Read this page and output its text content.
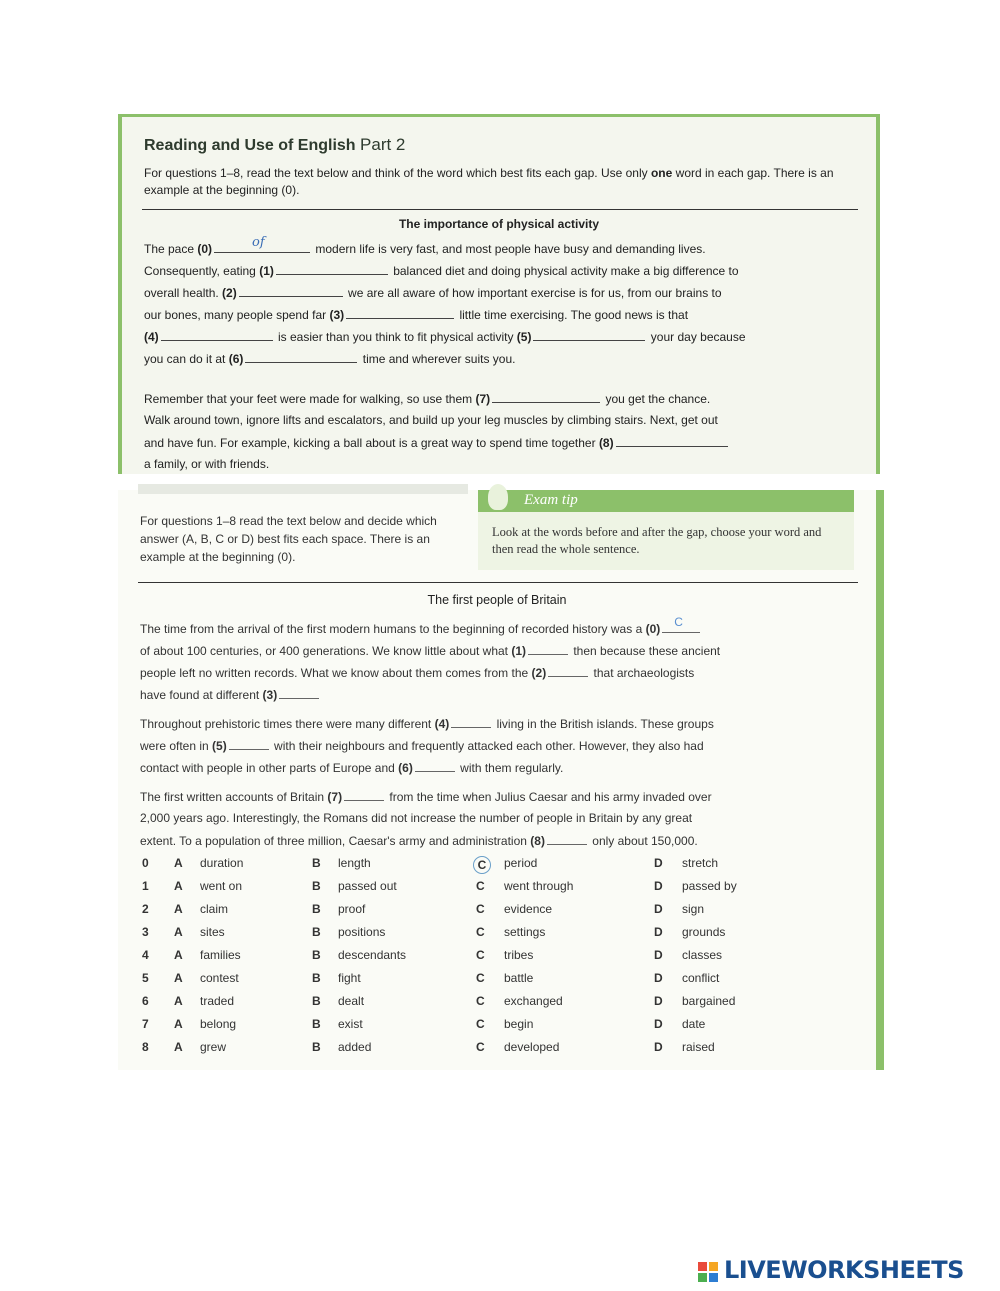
Reading and Use of English Part 2
For questions 1–8, read the text below and think of the word which best fits each gap. Use only one word in each gap. There is an example at the beginning (0).
The importance of physical activity
The pace (0)	of	modern life is very fast, and most people have busy and demanding lives.
Consequently, eating (1)	balanced diet and doing physical activity make a big difference to
overall health. (2)	we are all aware of how important exercise is for us, from our brains to
our bones, many people spend far (3)	little time exercising. The good news is that
(4)	is easier than you think to fit physical activity (5)	your day because
you can do it at (6)	time and wherever suits you.
Remember that your feet were made for walking, so use them (7)	you get the chance.
Walk around town, ignore lifts and escalators, and build up your leg muscles by climbing stairs. Next, get out
and have fun. For example, kicking a ball about is a great way to spend time together (8)
a family, or with friends.
For questions 1–8 read the text below and decide which answer (A, B, C or D) best fits each space. There is an example at the beginning (0).
Exam tip
Look at the words before and after the gap, choose your word and then read the whole sentence.
The first people of Britain
The time from the arrival of the first modern humans to the beginning of recorded history was a (0) C
of about 100 centuries, or 400 generations. We know little about what (1)	then because these ancient
people left no written records. What we know about them comes from the (2)	that archaeologists
have found at different (3)
Throughout prehistoric times there were many different (4)	living in the British islands. These groups
were often in (5)	with their neighbours and frequently attacked each other. However, they also had
contact with people in other parts of Europe and (6)	with them regularly.
The first written accounts of Britain (7)	from the time when Julius Caesar and his army invaded over
2,000 years ago. Interestingly, the Romans did not increase the number of people in Britain by any great
extent. To a population of three million, Caesar's army and administration (8)	only about 150,000.
0 A duration	B length	C	period	D stretch
1 A went on	B passed out	C went through	D passed by
2 A claim	B proof	C evidence	D sign
3 A sites	B positions	C settings	D grounds
4 A families	B descendants	C tribes	D classes
5 A contest	B fight	C battle	D conflict
6 A traded	B dealt	C exchanged	D bargained
7 A belong	B exist	C begin	D date
8 A grew	B added	C developed	D raised
LIVEWORKSHEETS
